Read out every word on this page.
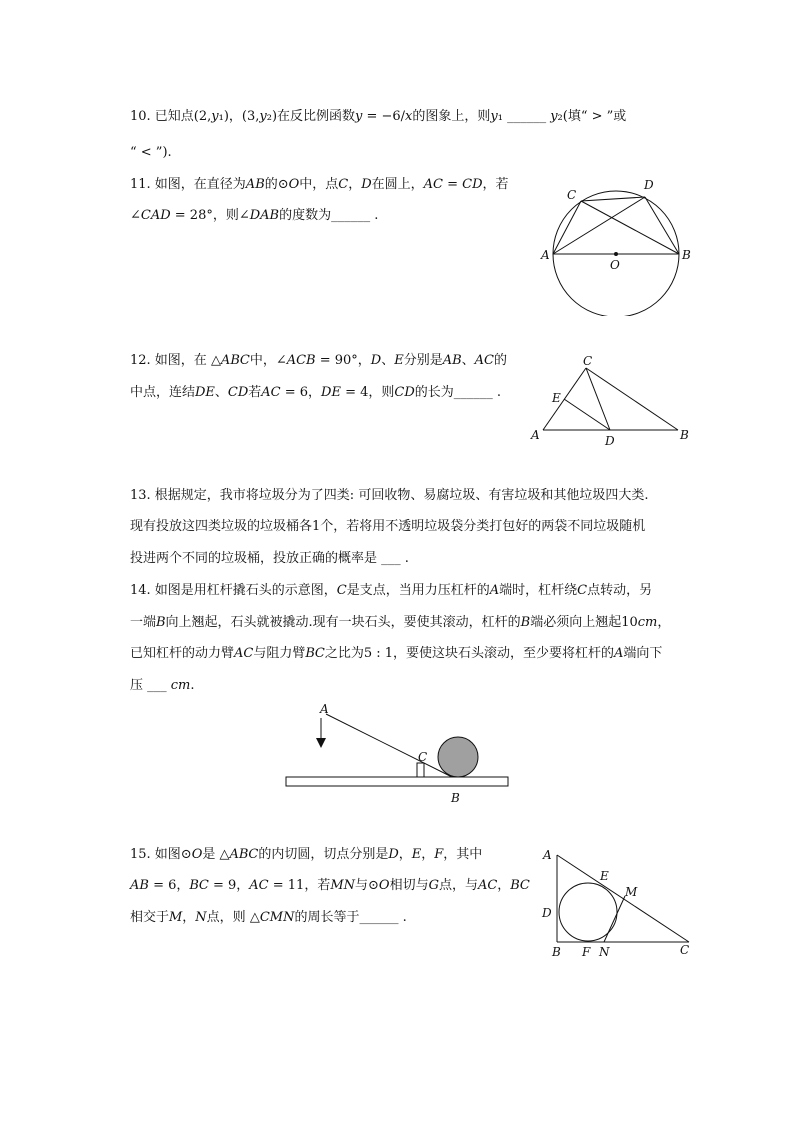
10. 已知点(2,𝑦₁)，(3,𝑦₂)在反比例函数𝑦 = −6/𝑥的图象上，则𝑦₁ ______ 𝑦₂(填“ > ”或
“ < ”).
11. 如图，在直径为𝐴𝐵的⊙𝑂中，点𝐶，𝐷在圆上，𝐴𝐶 = 𝐶𝐷，若
∠𝐶𝐴𝐷 = 28°，则∠𝐷𝐴𝐵的度数为______ .
A	B
C
D
O
12. 如图，在 △𝐴𝐵𝐶中，∠𝐴𝐶𝐵 = 90°，𝐷、𝐸分别是𝐴𝐵、𝐴𝐶的
中点，连结𝐷𝐸、𝐶𝐷若𝐴𝐶 = 6，𝐷𝐸 = 4，则𝐶𝐷的长为______ .
A	B
C
D
E
13. 根据规定，我市将垃圾分为了四类: 可回收物、易腐垃圾、有害垃圾和其他垃圾四大类.
现有投放这四类垃圾的垃圾桶各1个，若将用不透明垃圾袋分类打包好的两袋不同垃圾随机
投进两个不同的垃圾桶，投放正确的概率是 ___ .
14. 如图是用杠杆撬石头的示意图，𝐶是支点，当用力压杠杆的𝐴端时，杠杆绕𝐶点转动，另
一端𝐵向上翘起，石头就被撬动.现有一块石头，要使其滚动，杠杆的𝐵端必须向上翘起10𝑐𝑚，
已知杠杆的动力臂𝐴𝐶与阻力臂𝐵𝐶之比为5 : 1，要使这块石头滚动，至少要将杠杆的𝐴端向下
压 ___ 𝑐𝑚.
A
C
B
15. 如图⊙𝑂是 △𝐴𝐵𝐶的内切圆，切点分别是𝐷，𝐸，𝐹，其中
𝐴𝐵 = 6，𝐵𝐶 = 9，𝐴𝐶 = 11，若𝑀𝑁与⊙𝑂相切与𝐺点，与𝐴𝐶，𝐵𝐶
相交于𝑀，𝑁点，则 △𝐶𝑀𝑁的周长等于______ .
A
B	C
D
E
F
M
N
